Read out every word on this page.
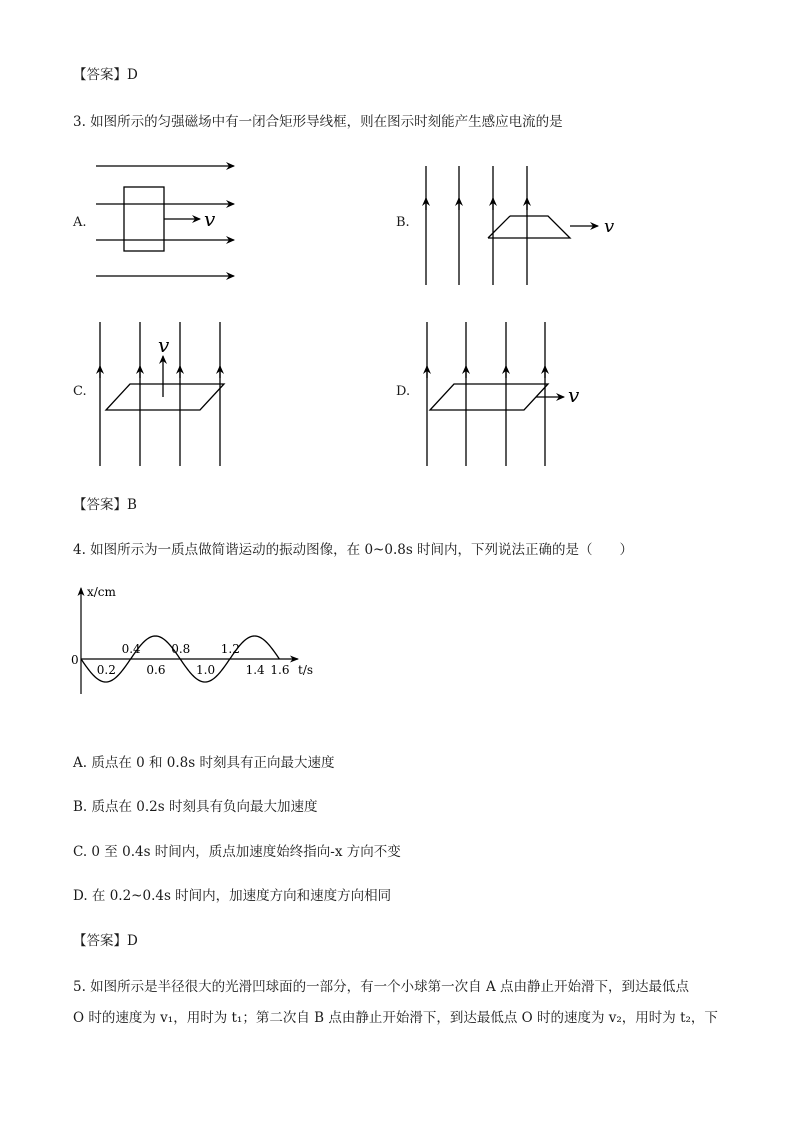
【答案】D
3. 如图所示的匀强磁场中有一闭合矩形导线框，则在图示时刻能产生感应电流的是
A.	v	B.	v
C.
v
D.	v
【答案】B
4. 如图所示为一质点做简谐运动的振动图像，在 0~0.8s 时间内，下列说法正确的是（　　）
x/cm
t/s
0
0.4	0.8	1.2
0.2	0.6	1.0	1.4 1.6
A. 质点在 0 和 0.8s 时刻具有正向最大速度
B. 质点在 0.2s 时刻具有负向最大加速度
C. 0 至 0.4s 时间内，质点加速度始终指向-x 方向不变
D. 在 0.2~0.4s 时间内，加速度方向和速度方向相同
【答案】D
5. 如图所示是半径很大的光滑凹球面的一部分，有一个小球第一次自 A 点由静止开始滑下，到达最低点
O 时的速度为 v₁，用时为 t₁；第二次自 B 点由静止开始滑下，到达最低点 O 时的速度为 v₂，用时为 t₂，下
